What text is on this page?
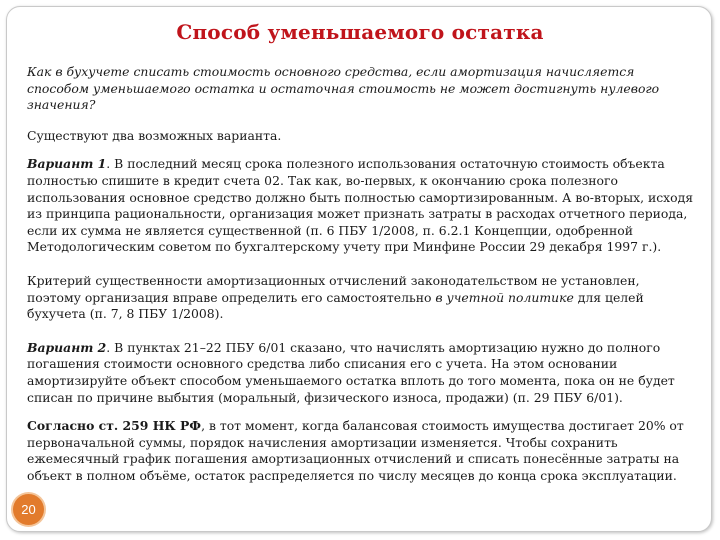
Способ уменьшаемого остатка

Как в бухучете списать стоимость основного средства, если амортизация начисляется способом уменьшаемого остатка и остаточная стоимость не может достигнуть нулевого значения?

Существуют два возможных варианта.

Вариант 1. В последний месяц срока полезного использования остаточную стоимость объекта полностью спишите в кредит счета 02. Так как, во-первых, к окончанию срока полезного использования основное средство должно быть полностью самортизированным. А во-вторых, исходя из принципа рациональности, организация может признать затраты в расходах отчетного периода, если их сумма не является существенной (п. 6 ПБУ 1/2008, п. 6.2.1 Концепции, одобренной Методологическим советом по бухгалтерскому учету при Минфине России 29 декабря 1997 г.).

Критерий существенности амортизационных отчислений законодательством не установлен, поэтому организация вправе определить его самостоятельно в учетной политике для целей бухучета (п. 7, 8 ПБУ 1/2008).

Вариант 2. В пунктах 21–22 ПБУ 6/01 сказано, что начислять амортизацию нужно до полного погашения стоимости основного средства либо списания его с учета. На этом основании амортизируйте объект способом уменьшаемого остатка вплоть до того момента, пока он не будет списан по причине выбытия (моральный, физического износа, продажи) (п. 29 ПБУ 6/01).

Согласно ст. 259 НК РФ, в тот момент, когда балансовая стоимость имущества достигает 20% от первоначальной суммы, порядок начисления амортизации изменяется. Чтобы сохранить ежемесячный график погашения амортизационных отчислений и списать понесённые затраты на объект в полном объёме, остаток распределяется по числу месяцев до конца срока эксплуатации.

20
